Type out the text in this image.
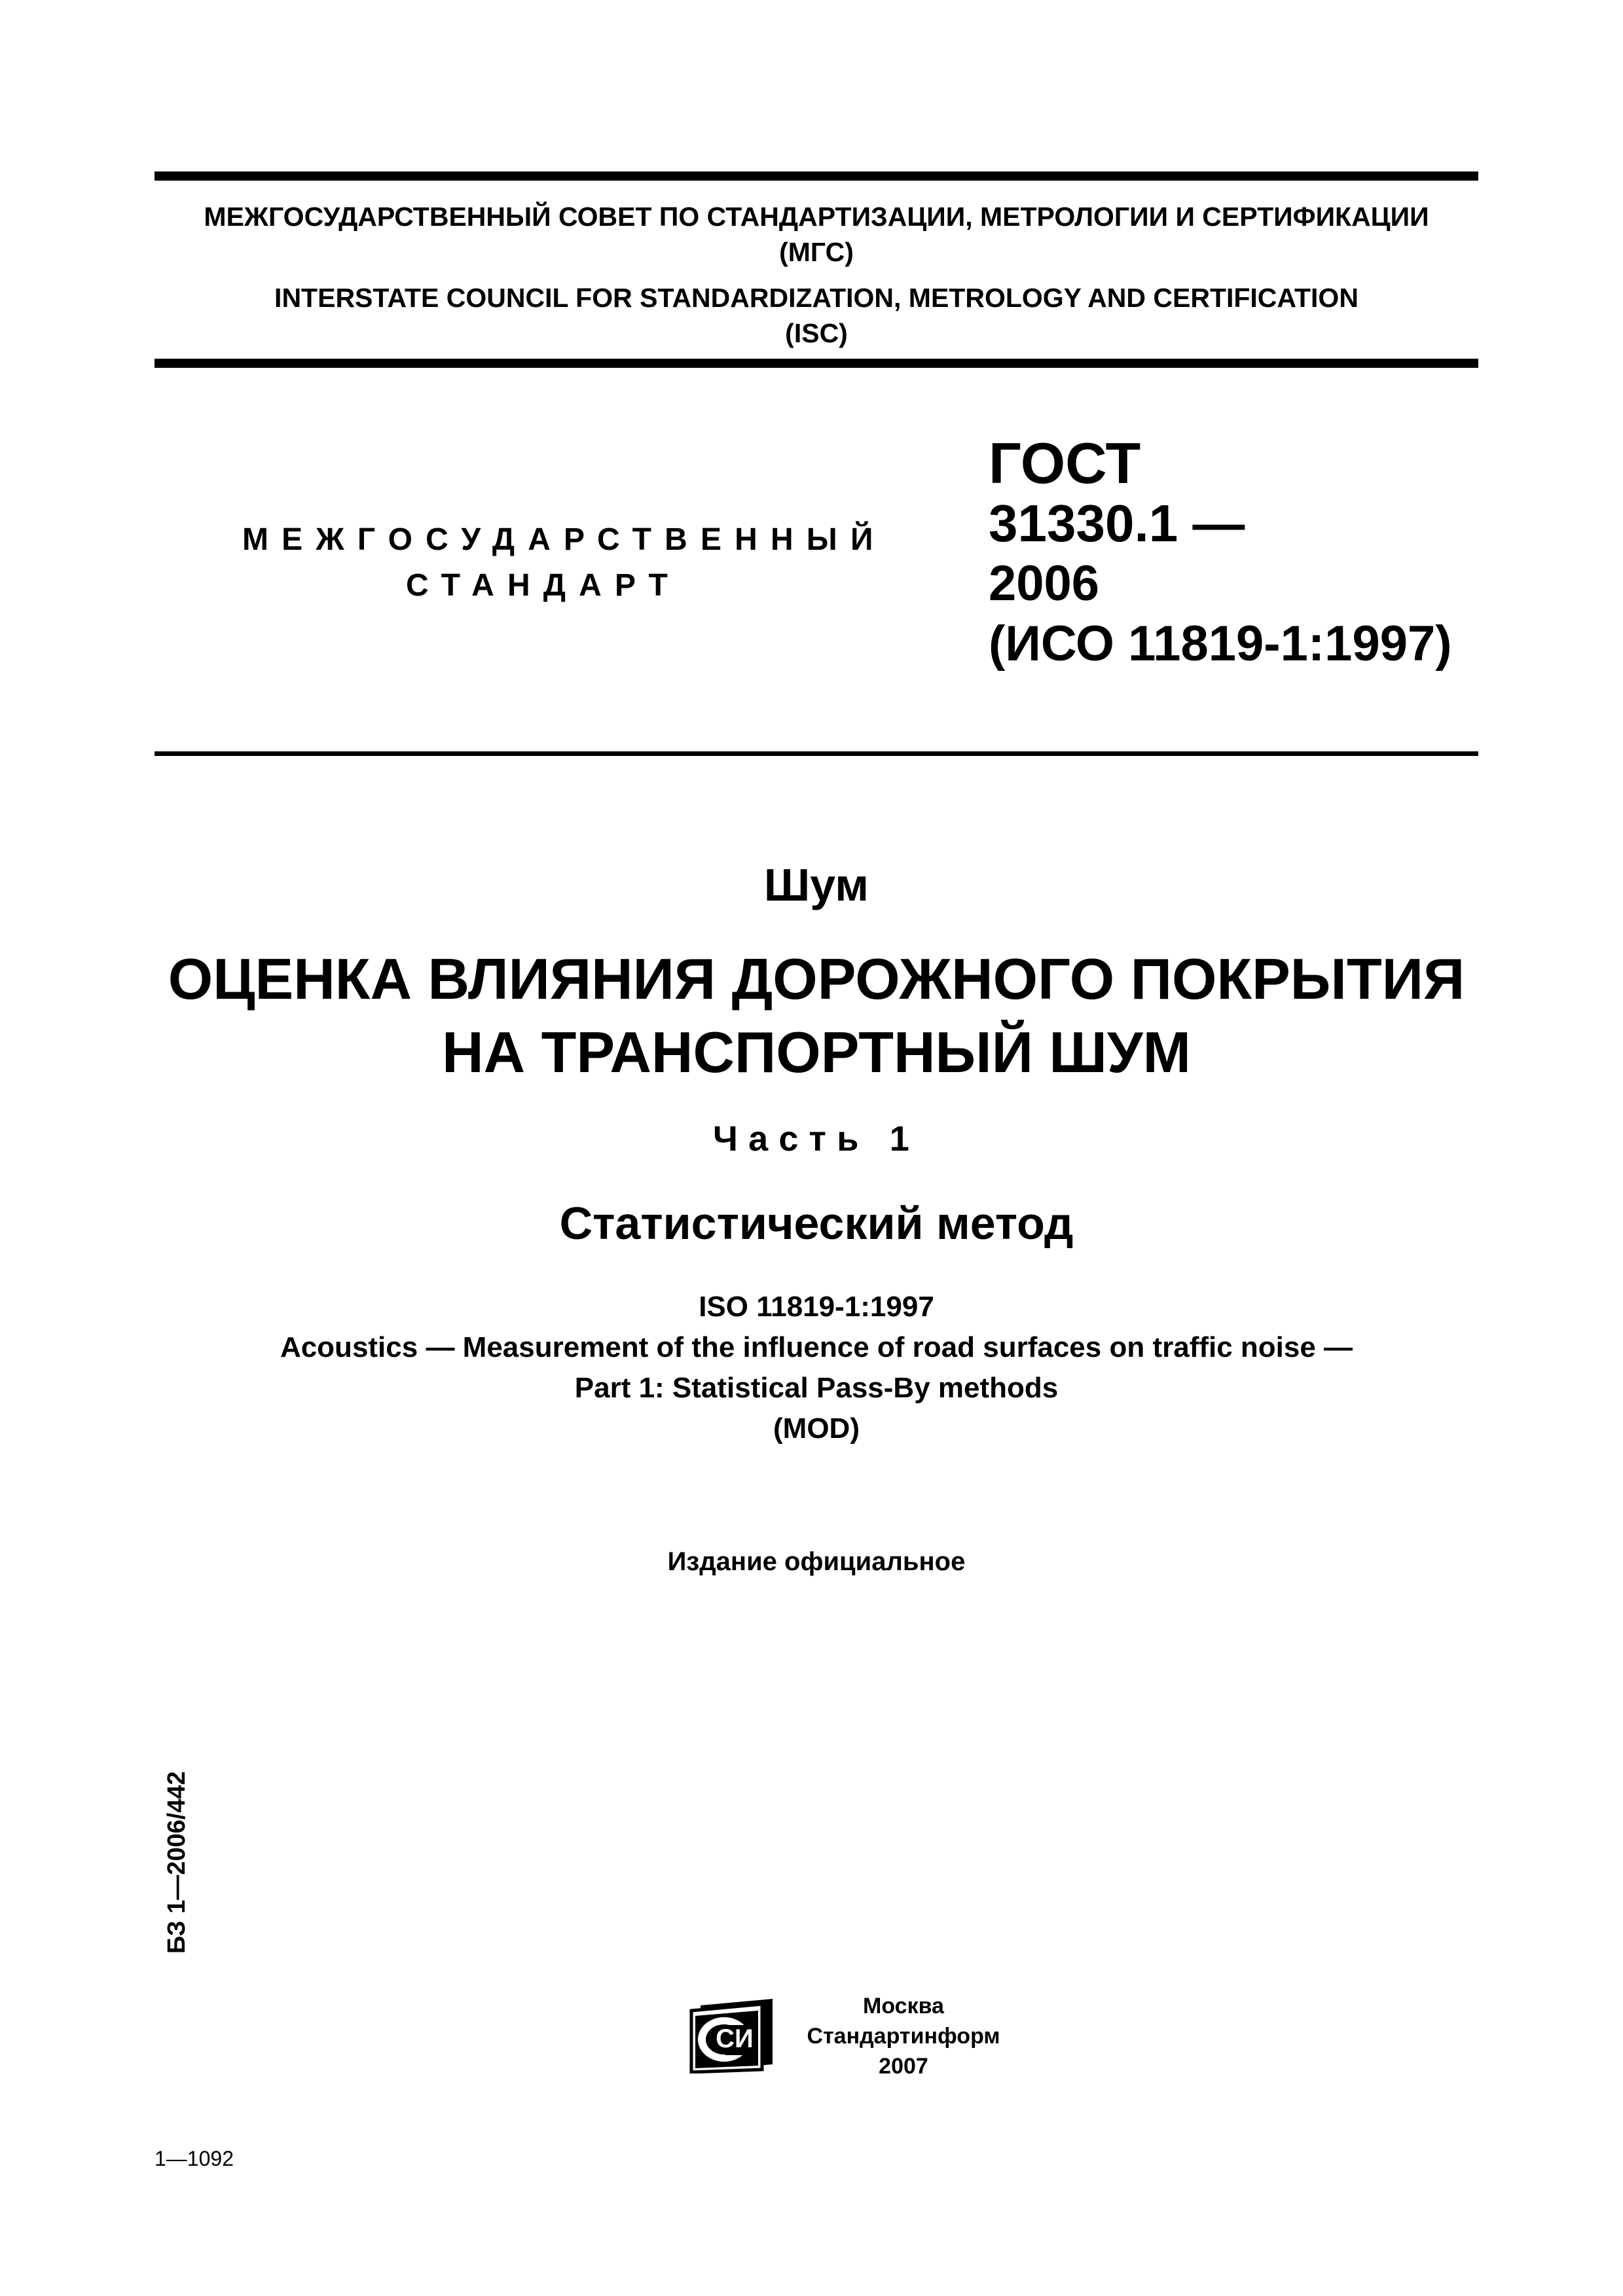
МЕЖГОСУДАРСТВЕННЫЙ СОВЕТ ПО СТАНДАРТИЗАЦИИ, МЕТРОЛОГИИ И СЕРТИФИКАЦИИ
(МГС)
INTERSTATE COUNCIL FOR STANDARDIZATION, METROLOGY AND CERTIFICATION
(ISC)
МЕЖГОСУДАРСТВЕННЫЙ
СТАНДАРТ
ГОСТ
31330.1 —
2006
(ИСО 11819-1:1997)
Шум
ОЦЕНКА ВЛИЯНИЯ ДОРОЖНОГО ПОКРЫТИЯ
НА ТРАНСПОРТНЫЙ ШУМ
Часть 1
Статистический метод
ISO 11819-1:1997
Acoustics — Measurement of the influence of road surfaces on traffic noise —
Part 1: Statistical Pass-By methods
(MOD)
Издание официальное
БЗ 1—2006/442
СИ
Москва
Стандартинформ
2007
1—1092
